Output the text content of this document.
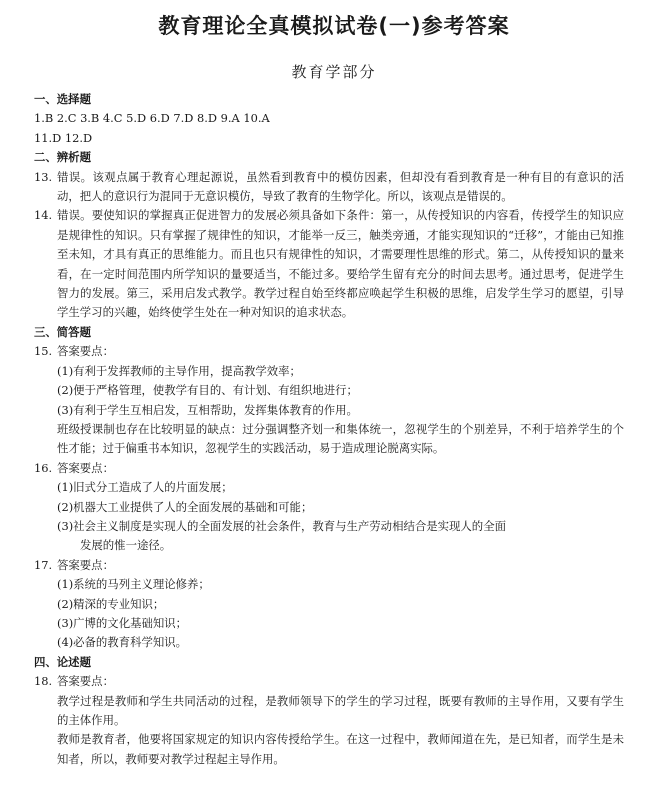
教育理论全真模拟试卷(一)参考答案
教育学部分
一、选择题
1.B 2.C 3.B 4.C 5.D 6.D 7.D 8.D 9.A 10.A
11.D 12.D
二、辨析题
13. 错误。该观点属于教育心理起源说，虽然看到教育中的模仿因素，但却没有看到教育是一种有目的有意识的活动，把人的意识行为混同于无意识模仿，导致了教育的生物学化。所以，该观点是错误的。
14. 错误。要使知识的掌握真正促进智力的发展必须具备如下条件：第一，从传授知识的内容看，传授学生的知识应是规律性的知识。只有掌握了规律性的知识，才能举一反三，触类旁通，才能实现知识的“迁移”，才能由已知推至未知，才具有真正的思维能力。而且也只有规律性的知识，才需要理性思维的形式。第二，从传授知识的量来看，在一定时间范围内所学知识的量要适当，不能过多。要给学生留有充分的时间去思考。通过思考，促进学生智力的发展。第三，采用启发式教学。教学过程自始至终都应唤起学生积极的思维，启发学生学习的愿望，引导学生学习的兴趣，始终使学生处在一种对知识的追求状态。
三、简答题
15. 答案要点：
(1)有利于发挥教师的主导作用，提高教学效率；
(2)便于严格管理，使教学有目的、有计划、有组织地进行；
(3)有利于学生互相启发，互相帮助，发挥集体教育的作用。
班级授课制也存在比较明显的缺点：过分强调整齐划一和集体统一，忽视学生的个别差异，不利于培养学生的个性才能；过于偏重书本知识，忽视学生的实践活动，易于造成理论脱离实际。
16. 答案要点：
(1)旧式分工造成了人的片面发展；
(2)机器大工业提供了人的全面发展的基础和可能；
(3)社会主义制度是实现人的全面发展的社会条件，教育与生产劳动相结合是实现人的全面
发展的惟一途径。
17. 答案要点：
(1)系统的马列主义理论修养；
(2)精深的专业知识；
(3)广博的文化基础知识；
(4)必备的教育科学知识。
四、论述题
18. 答案要点：
教学过程是教师和学生共同活动的过程，是教师领导下的学生的学习过程，既要有教师的主导作用，又要有学生的主体作用。
教师是教育者，他要将国家规定的知识内容传授给学生。在这一过程中，教师闻道在先，是已知者，而学生是未知者，所以，教师要对教学过程起主导作用。
